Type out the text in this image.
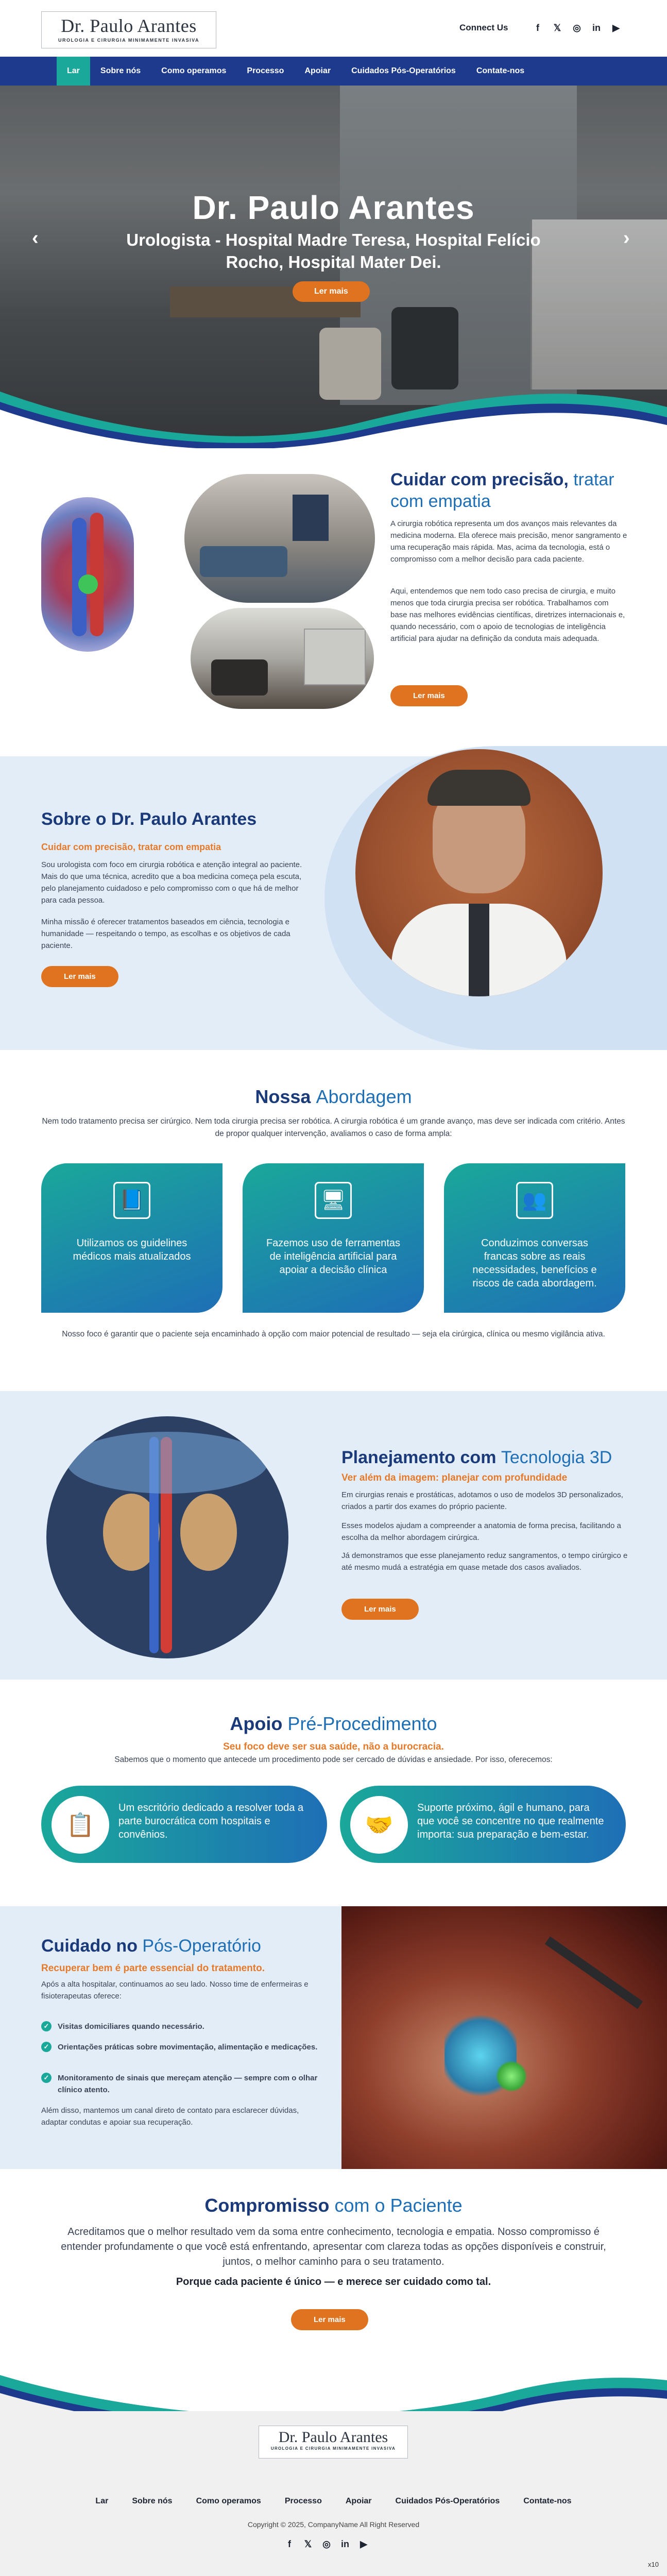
Dr. Paulo Arantes
UROLOGIA E CIRURGIA MINIMAMENTE INVASIVA
Connect Us	f	𝕏	◎	in	▶
Lar	Sobre nós	Como operamos	Processo	Apoiar	Cuidados Pós-Operatórios	Contate-nos
Dr. Paulo Arantes
Urologista - Hospital Madre Teresa, Hospital Felício Rocho, Hospital Mater Dei.
Ler mais
‹	›
Cuidar com precisão, tratar com empatia
A cirurgia robótica representa um dos avanços mais relevantes da medicina moderna. Ela oferece mais precisão, menor sangramento e uma recuperação mais rápida. Mas, acima da tecnologia, está o compromisso com a melhor decisão para cada paciente.
Aqui, entendemos que nem todo caso precisa de cirurgia, e muito menos que toda cirurgia precisa ser robótica. Trabalhamos com base nas melhores evidências científicas, diretrizes internacionais e, quando necessário, com o apoio de tecnologias de inteligência artificial para ajudar na definição da conduta mais adequada.
Ler mais
Sobre o Dr. Paulo Arantes
Cuidar com precisão, tratar com empatia
Sou urologista com foco em cirurgia robótica e atenção integral ao paciente. Mais do que uma técnica, acredito que a boa medicina começa pela escuta, pelo planejamento cuidadoso e pelo compromisso com o que há de melhor para cada pessoa.
Minha missão é oferecer tratamentos baseados em ciência, tecnologia e humanidade — respeitando o tempo, as escolhas e os objetivos de cada paciente.
Ler mais
Nossa Abordagem
Nem todo tratamento precisa ser cirúrgico. Nem toda cirurgia precisa ser robótica. A cirurgia robótica é um grande avanço, mas deve ser indicada com critério. Antes de propor qualquer intervenção, avaliamos o caso de forma ampla:
📘
Utilizamos os guidelines médicos mais atualizados
🖥
Fazemos uso de ferramentas de inteligência artificial para apoiar a decisão clínica
👥
Conduzimos conversas francas sobre as reais necessidades, benefícios e riscos de cada abordagem.
Nosso foco é garantir que o paciente seja encaminhado à opção com maior potencial de resultado — seja ela cirúrgica, clínica ou mesmo vigilância ativa.
Planejamento com Tecnologia 3D
Ver além da imagem: planejar com profundidade
Em cirurgias renais e prostáticas, adotamos o uso de modelos 3D personalizados, criados a partir dos exames do próprio paciente.
Esses modelos ajudam a compreender a anatomia de forma precisa, facilitando a escolha da melhor abordagem cirúrgica.
Já demonstramos que esse planejamento reduz sangramentos, o tempo cirúrgico e até mesmo mudá a estratégia em quase metade dos casos avaliados.
Ler mais
Apoio Pré-Procedimento
Seu foco deve ser sua saúde, não a burocracia.
Sabemos que o momento que antecede um procedimento pode ser cercado de dúvidas e ansiedade. Por isso, oferecemos:
📋
Um escritório dedicado a resolver toda a parte burocrática com hospitais e convênios.	🤝
Suporte próximo, ágil e humano, para que você se concentre no que realmente importa: sua preparação e bem-estar.
Cuidado no Pós-Operatório
Recuperar bem é parte essencial do tratamento.
Após a alta hospitalar, continuamos ao seu lado. Nosso time de enfermeiras e fisioterapeutas oferece:
✓	Visitas domiciliares quando necessário.
✓	Orientações práticas sobre movimentação, alimentação e medicações.
✓	Monitoramento de sinais que mereçam atenção — sempre com o olhar clínico atento.
Além disso, mantemos um canal direto de contato para esclarecer dúvidas, adaptar condutas e apoiar sua recuperação.
Compromisso com o Paciente
Acreditamos que o melhor resultado vem da soma entre conhecimento, tecnologia e empatia. Nosso compromisso é entender profundamente o que você está enfrentando, apresentar com clareza todas as opções disponíveis e construir, juntos, o melhor caminho para o seu tratamento.
Porque cada paciente é único — e merece ser cuidado como tal.
Ler mais
Dr. Paulo Arantes
UROLOGIA E CIRURGIA MINIMAMENTE INVASIVA
Lar	Sobre nós	Como operamos	Processo	Apoiar	Cuidados Pós-Operatórios	Contate-nos
Copyright © 2025, CompanyName All Right Reserved
f	𝕏	◎	in	▶
x10
